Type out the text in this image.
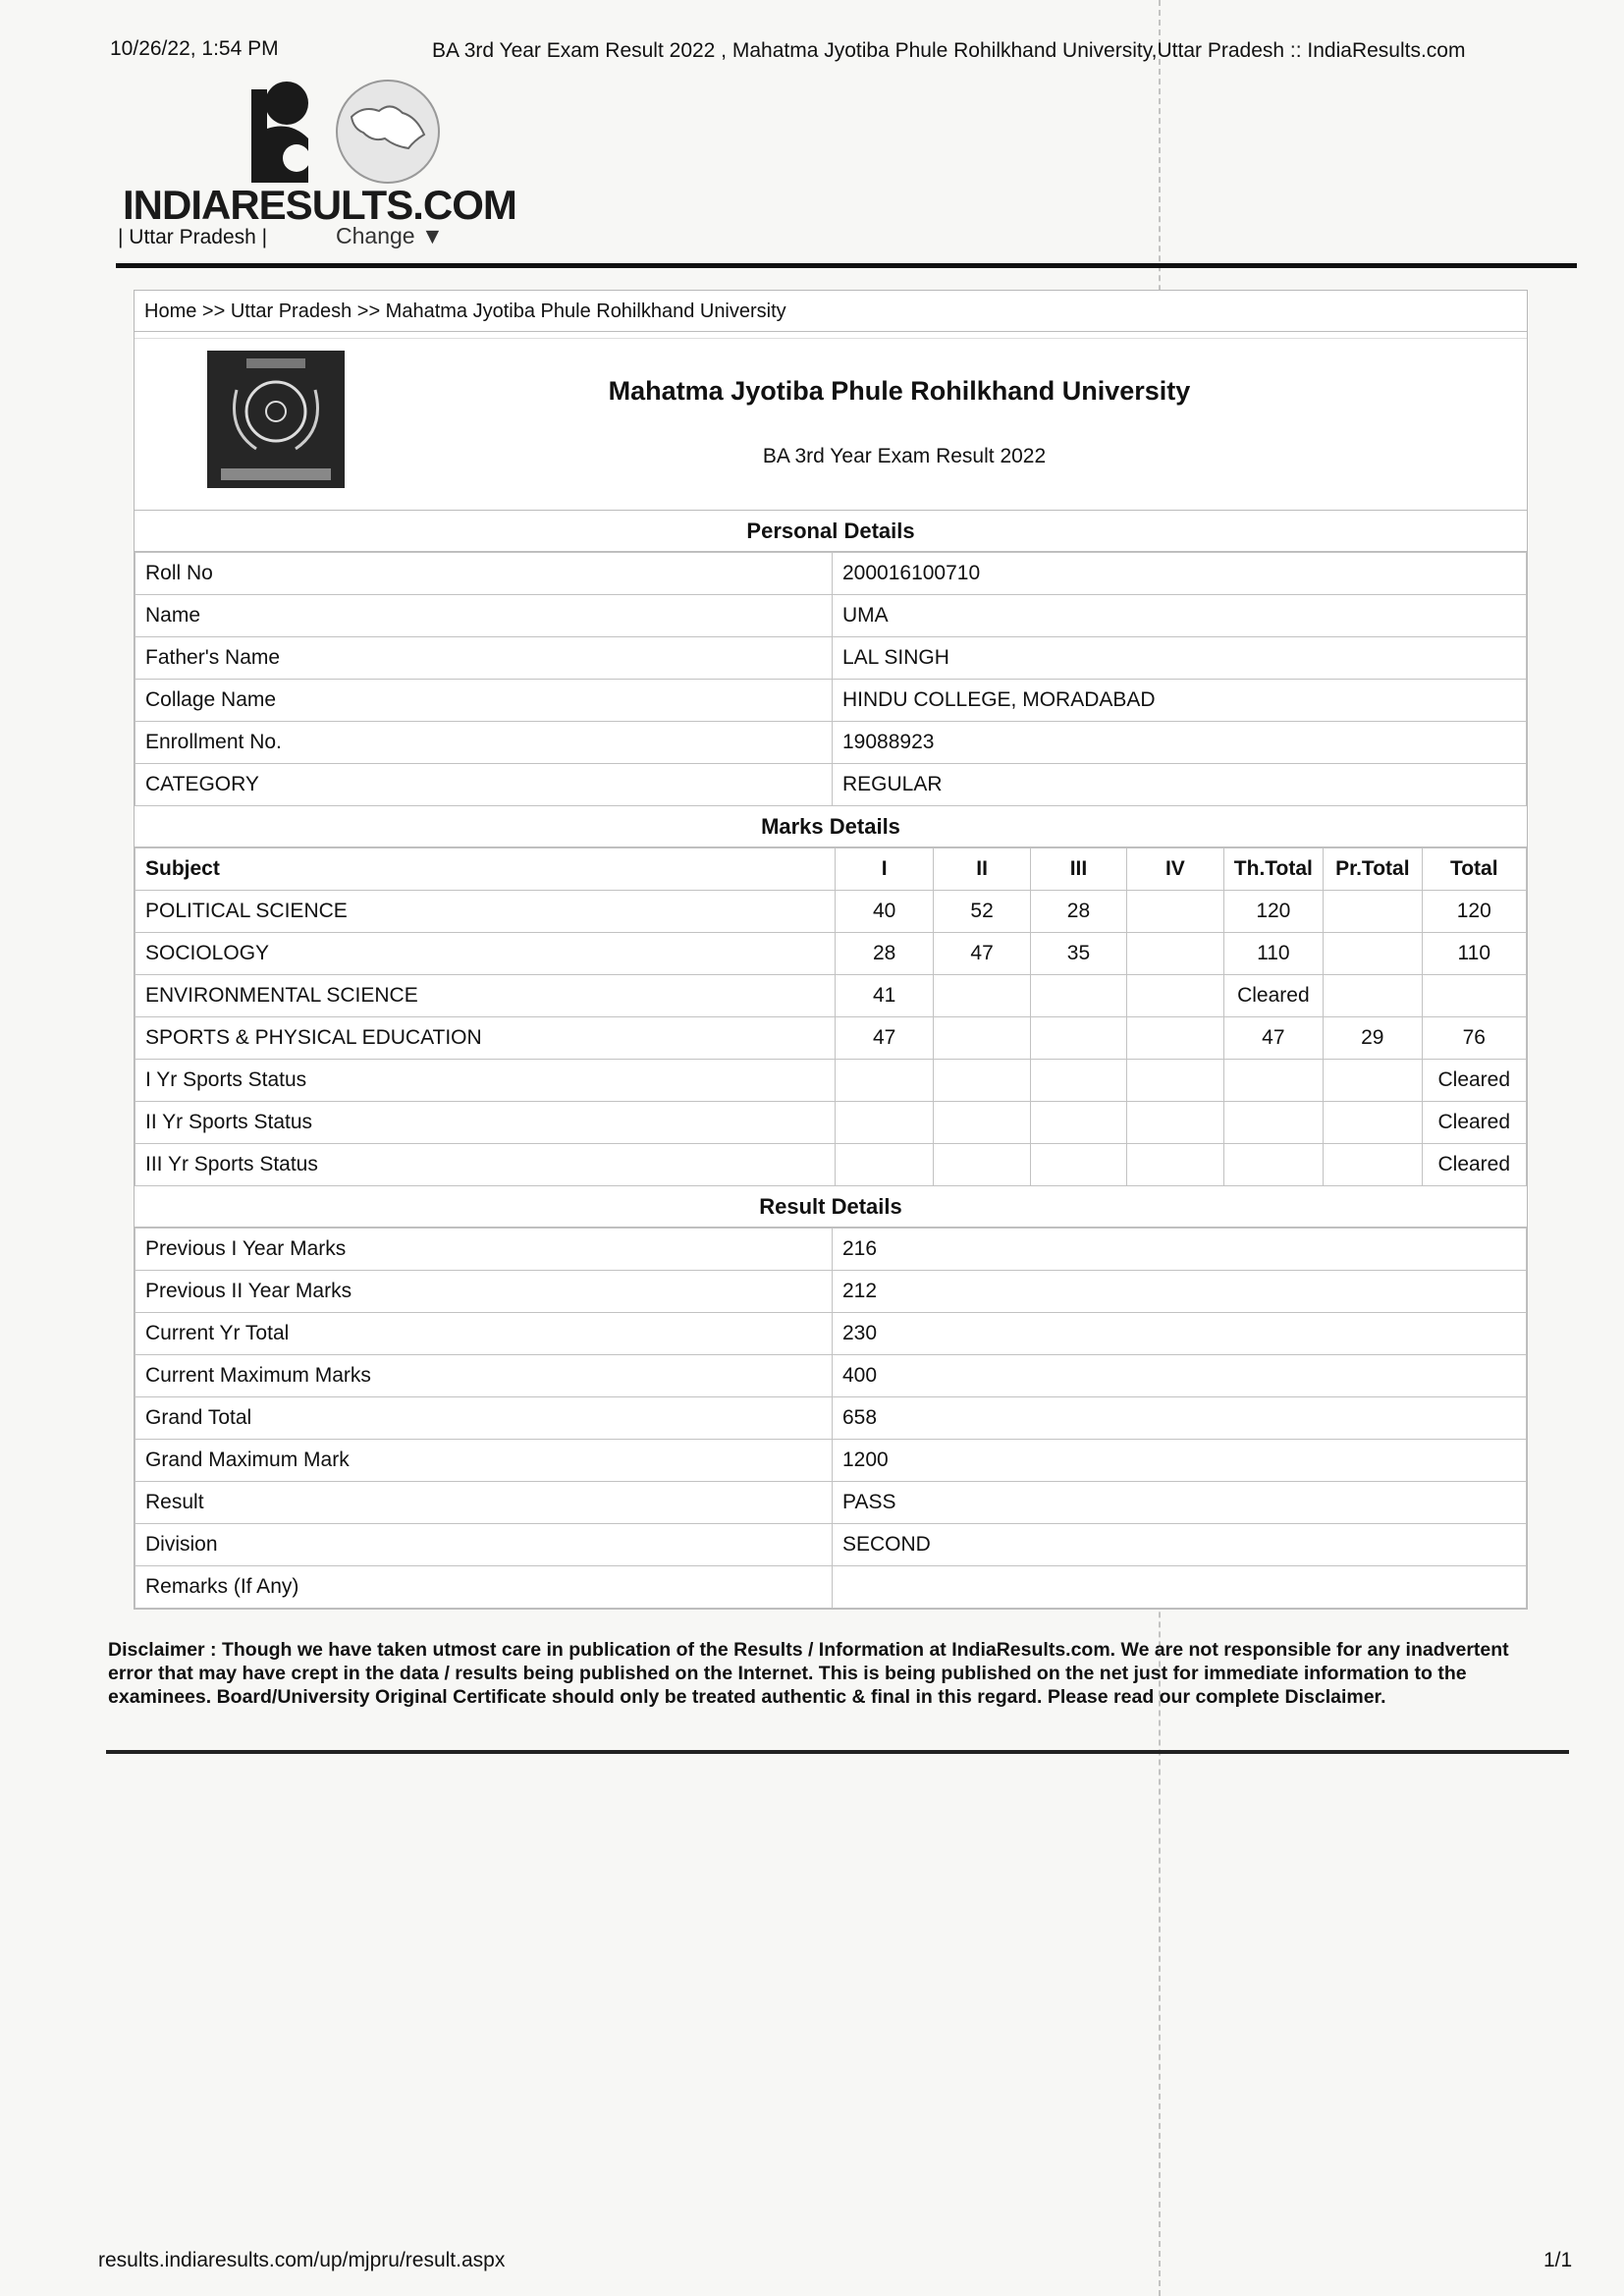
10/26/22, 1:54 PM	BA 3rd Year Exam Result 2022 , Mahatma Jyotiba Phule Rohilkhand University,Uttar Pradesh :: IndiaResults.com
INDIARESULTS.COM
| Uttar Pradesh |	Change ▼
Home >> Uttar Pradesh >> Mahatma Jyotiba Phule Rohilkhand University
Mahatma Jyotiba Phule Rohilkhand University
BA 3rd Year Exam Result 2022
Personal Details
Roll No	200016100710
Name	UMA
Father's Name	LAL SINGH
Collage Name	HINDU COLLEGE, MORADABAD
Enrollment No.	19088923
CATEGORY	REGULAR
Marks Details
Subject	I	II	III	IV	Th.Total	Pr.Total	Total
POLITICAL SCIENCE	40	52	28		120		120
SOCIOLOGY	28	47	35		110		110
ENVIRONMENTAL SCIENCE	41				Cleared		
SPORTS & PHYSICAL EDUCATION	47				47	29	76
I Yr Sports Status							Cleared
II Yr Sports Status							Cleared
III Yr Sports Status							Cleared
Result Details
Previous I Year Marks	216
Previous II Year Marks	212
Current Yr Total	230
Current Maximum Marks	400
Grand Total	658
Grand Maximum Mark	1200
Result	PASS
Division	SECOND
Remarks (If Any)	
Disclaimer : Though we have taken utmost care in publication of the Results / Information at IndiaResults.com. We are not responsible for any inadvertent error that may have crept in the data / results being published on the Internet. This is being published on the net just for immediate information to the examinees. Board/University Original Certificate should only be treated authentic & final in this regard. Please read our complete Disclaimer.
results.indiaresults.com/up/mjpru/result.aspx	1/1
